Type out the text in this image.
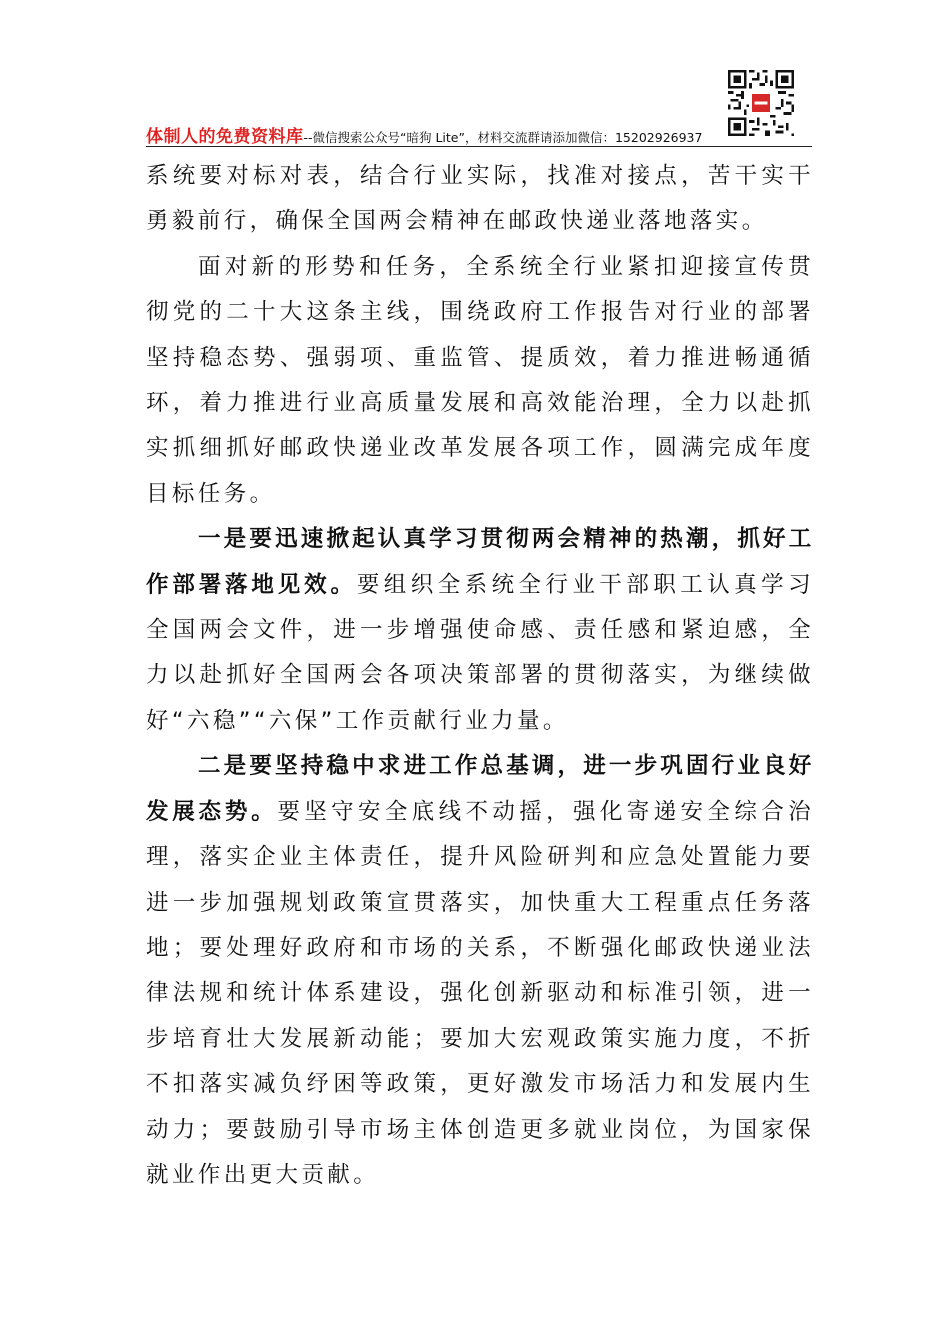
体制人的免费资料库--微信搜索公众号“暗狗 Lite”，材料交流群请添加微信：15202926937

系统要对标对表，结合行业实际，找准对接点，苦干实干勇毅前行，确保全国两会精神在邮政快递业落地落实。

面对新的形势和任务，全系统全行业紧扣迎接宣传贯彻党的二十大这条主线，围绕政府工作报告对行业的部署坚持稳态势、强弱项、重监管、提质效，着力推进畅通循环，着力推进行业高质量发展和高效能治理，全力以赴抓实抓细抓好邮政快递业改革发展各项工作，圆满完成年度目标任务。

一是要迅速掀起认真学习贯彻两会精神的热潮，抓好工作部署落地见效。要组织全系统全行业干部职工认真学习全国两会文件，进一步增强使命感、责任感和紧迫感，全力以赴抓好全国两会各项决策部署的贯彻落实，为继续做好“六稳”“六保”工作贡献行业力量。

二是要坚持稳中求进工作总基调，进一步巩固行业良好发展态势。要坚守安全底线不动摇，强化寄递安全综合治理，落实企业主体责任，提升风险研判和应急处置能力要进一步加强规划政策宣贯落实，加快重大工程重点任务落地；要处理好政府和市场的关系，不断强化邮政快递业法律法规和统计体系建设，强化创新驱动和标准引领，进一步培育壮大发展新动能；要加大宏观政策实施力度，不折不扣落实减负纾困等政策，更好激发市场活力和发展内生动力；要鼓励引导市场主体创造更多就业岗位，为国家保就业作出更大贡献。
